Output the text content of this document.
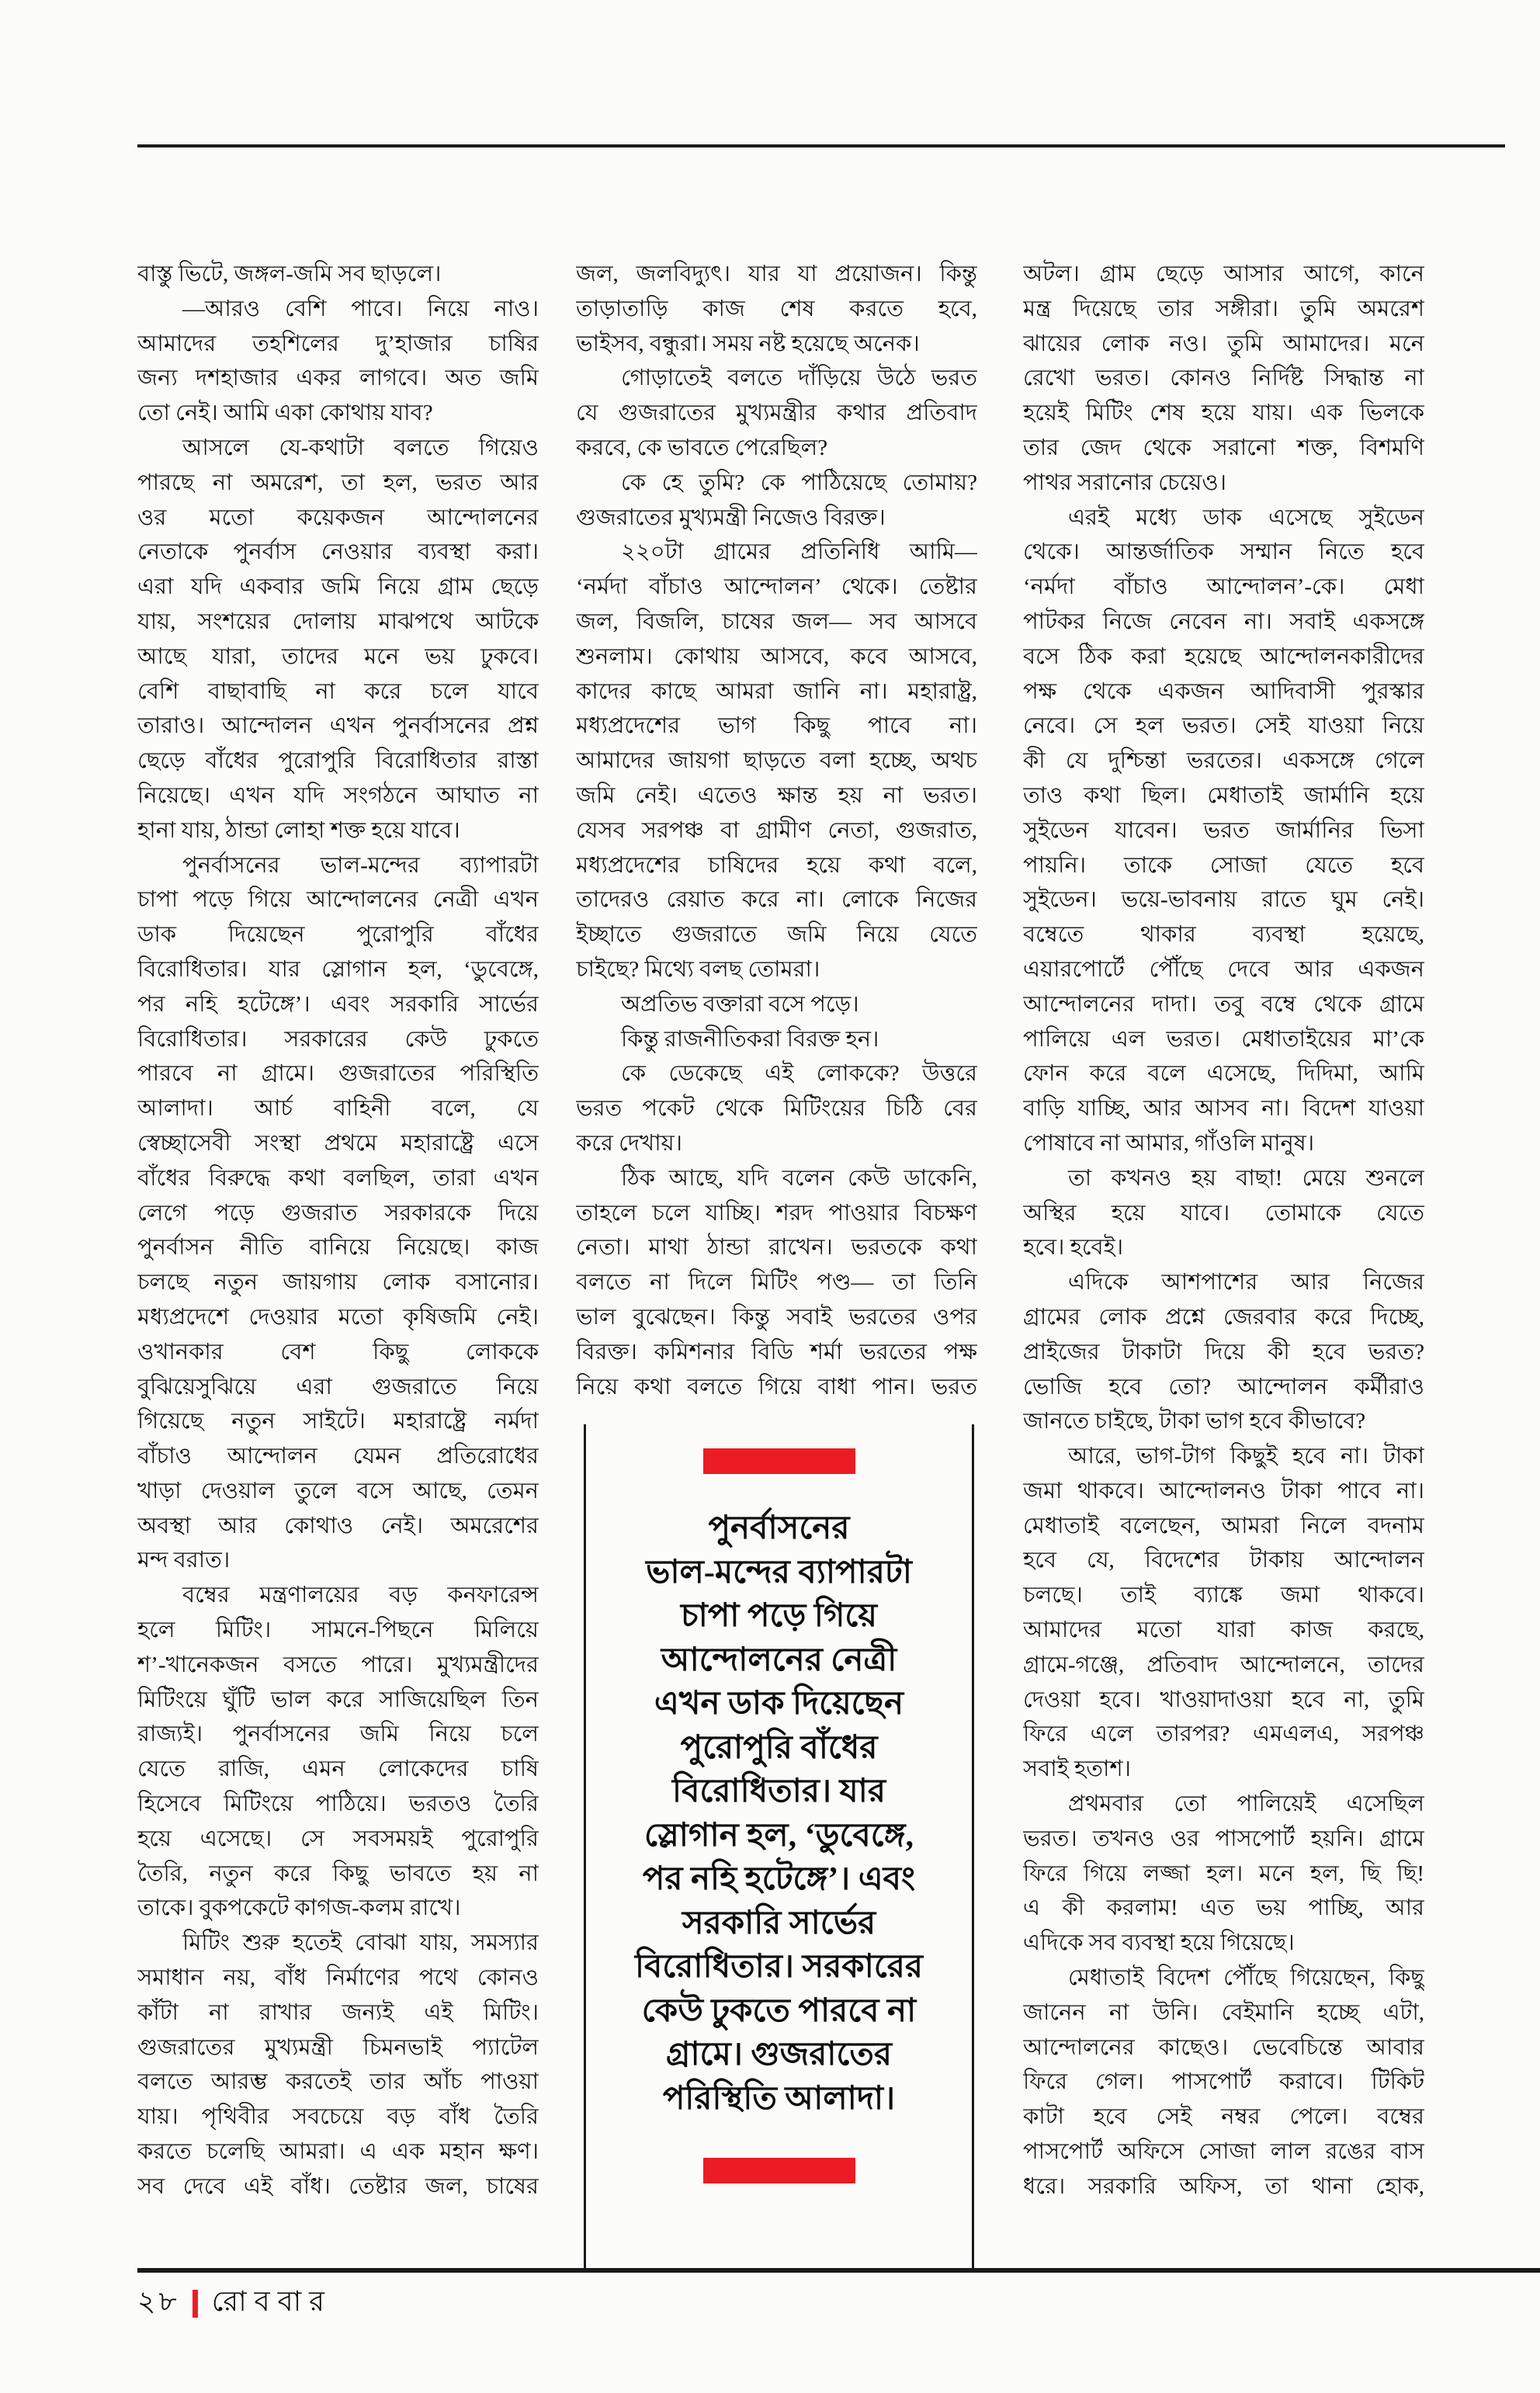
বাস্তু ভিটে, জঙ্গল-জমি সব ছাড়লে।
—আরও বেশি পাবে। নিয়ে নাও।
আমাদের তহশিলের দু’হাজার চাষির
জন্য দশহাজার একর লাগবে। অত জমি
তো নেই। আমি একা কোথায় যাব?
আসলে যে-কথাটা বলতে গিয়েও
পারছে না অমরেশ, তা হল, ভরত আর
ওর মতো কয়েকজন আন্দোলনের
নেতাকে পুনর্বাস নেওয়ার ব্যবস্থা করা।
এরা যদি একবার জমি নিয়ে গ্রাম ছেড়ে
যায়, সংশয়ের দোলায় মাঝপথে আটকে
আছে যারা, তাদের মনে ভয় ঢুকবে।
বেশি বাছাবাছি না করে চলে যাবে
তারাও। আন্দোলন এখন পুনর্বাসনের প্রশ্ন
ছেড়ে বাঁধের পুরোপুরি বিরোধিতার রাস্তা
নিয়েছে। এখন যদি সংগঠনে আঘাত না
হানা যায়, ঠান্ডা লোহা শক্ত হয়ে যাবে।
পুনর্বাসনের ভাল-মন্দের ব্যাপারটা
চাপা পড়ে গিয়ে আন্দোলনের নেত্রী এখন
ডাক দিয়েছেন পুরোপুরি বাঁধের
বিরোধিতার। যার স্লোগান হল, ‘ডুবেঙ্গে,
পর নহি হটেঙ্গে’। এবং সরকারি সার্ভের
বিরোধিতার। সরকারের কেউ ঢুকতে
পারবে না গ্রামে। গুজরাতের পরিস্থিতি
আলাদা। আর্চ বাহিনী বলে, যে
স্বেচ্ছাসেবী সংস্থা প্রথমে মহারাষ্ট্রে এসে
বাঁধের বিরুদ্ধে কথা বলছিল, তারা এখন
লেগে পড়ে গুজরাত সরকারকে দিয়ে
পুনর্বাসন নীতি বানিয়ে নিয়েছে। কাজ
চলছে নতুন জায়গায় লোক বসানোর।
মধ্যপ্রদেশে দেওয়ার মতো কৃষিজমি নেই।
ওখানকার বেশ কিছু লোককে
বুঝিয়েসুঝিয়ে এরা গুজরাতে নিয়ে
গিয়েছে নতুন সাইটে। মহারাষ্ট্রে নর্মদা
বাঁচাও আন্দোলন যেমন প্রতিরোধের
খাড়া দেওয়াল তুলে বসে আছে, তেমন
অবস্থা আর কোথাও নেই। অমরেশের
মন্দ বরাত।
বম্বের মন্ত্রণালয়ের বড় কনফারেন্স
হলে মিটিং। সামনে-পিছনে মিলিয়ে
শ’-খানেকজন বসতে পারে। মুখ্যমন্ত্রীদের
মিটিংয়ে ঘুঁটি ভাল করে সাজিয়েছিল তিন
রাজ্যই। পুনর্বাসনের জমি নিয়ে চলে
যেতে রাজি, এমন লোকেদের চাষি
হিসেবে মিটিংয়ে পাঠিয়ে। ভরতও তৈরি
হয়ে এসেছে। সে সবসময়ই পুরোপুরি
তৈরি, নতুন করে কিছু ভাবতে হয় না
তাকে। বুকপকেটে কাগজ-কলম রাখে।
মিটিং শুরু হতেই বোঝা যায়, সমস্যার
সমাধান নয়, বাঁধ নির্মাণের পথে কোনও
কাঁটা না রাখার জন্যই এই মিটিং।
গুজরাতের মুখ্যমন্ত্রী চিমনভাই প্যাটেল
বলতে আরম্ভ করতেই তার আঁচ পাওয়া
যায়। পৃথিবীর সবচেয়ে বড় বাঁধ তৈরি
করতে চলেছি আমরা। এ এক মহান ক্ষণ।
সব দেবে এই বাঁধ। তেষ্টার জল, চাষের
জল, জলবিদ্যুৎ। যার যা প্রয়োজন। কিন্তু
তাড়াতাড়ি কাজ শেষ করতে হবে,
ভাইসব, বন্ধুরা। সময় নষ্ট হয়েছে অনেক।
গোড়াতেই বলতে দাঁড়িয়ে উঠে ভরত
যে গুজরাতের মুখ্যমন্ত্রীর কথার প্রতিবাদ
করবে, কে ভাবতে পেরেছিল?
কে হে তুমি? কে পাঠিয়েছে তোমায়?
গুজরাতের মুখ্যমন্ত্রী নিজেও বিরক্ত।
২২০টা গ্রামের প্রতিনিধি আমি—
‘নর্মদা বাঁচাও আন্দোলন’ থেকে। তেষ্টার
জল, বিজলি, চাষের জল— সব আসবে
শুনলাম। কোথায় আসবে, কবে আসবে,
কাদের কাছে আমরা জানি না। মহারাষ্ট্র,
মধ্যপ্রদেশের ভাগ কিছু পাবে না।
আমাদের জায়গা ছাড়তে বলা হচ্ছে, অথচ
জমি নেই। এতেও ক্ষান্ত হয় না ভরত।
যেসব সরপঞ্চ বা গ্রামীণ নেতা, গুজরাত,
মধ্যপ্রদেশের চাষিদের হয়ে কথা বলে,
তাদেরও রেয়াত করে না। লোকে নিজের
ইচ্ছাতে গুজরাতে জমি নিয়ে যেতে
চাইছে? মিথ্যে বলছ তোমরা।
অপ্রতিভ বক্তারা বসে পড়ে।
কিন্তু রাজনীতিকরা বিরক্ত হন।
কে ডেকেছে এই লোককে? উত্তরে
ভরত পকেট থেকে মিটিংয়ের চিঠি বের
করে দেখায়।
ঠিক আছে, যদি বলেন কেউ ডাকেনি,
তাহলে চলে যাচ্ছি। শরদ পাওয়ার বিচক্ষণ
নেতা। মাথা ঠান্ডা রাখেন। ভরতকে কথা
বলতে না দিলে মিটিং পণ্ড— তা তিনি
ভাল বুঝেছেন। কিন্তু সবাই ভরতের ওপর
বিরক্ত। কমিশনার বিডি শর্মা ভরতের পক্ষ
নিয়ে কথা বলতে গিয়ে বাধা পান। ভরত
অটল। গ্রাম ছেড়ে আসার আগে, কানে
মন্ত্র দিয়েছে তার সঙ্গীরা। তুমি অমরেশ
ঝায়ের লোক নও। তুমি আমাদের। মনে
রেখো ভরত। কোনও নির্দিষ্ট সিদ্ধান্ত না
হয়েই মিটিং শেষ হয়ে যায়। এক ভিলকে
তার জেদ থেকে সরানো শক্ত, বিশমণি
পাথর সরানোর চেয়েও।
এরই মধ্যে ডাক এসেছে সুইডেন
থেকে। আন্তর্জাতিক সম্মান নিতে হবে
‘নর্মদা বাঁচাও আন্দোলন’-কে। মেধা
পাটকর নিজে নেবেন না। সবাই একসঙ্গে
বসে ঠিক করা হয়েছে আন্দোলনকারীদের
পক্ষ থেকে একজন আদিবাসী পুরস্কার
নেবে। সে হল ভরত। সেই যাওয়া নিয়ে
কী যে দুশ্চিন্তা ভরতের। একসঙ্গে গেলে
তাও কথা ছিল। মেধাতাই জার্মানি হয়ে
সুইডেন যাবেন। ভরত জার্মানির ভিসা
পায়নি। তাকে সোজা যেতে হবে
সুইডেন। ভয়ে-ভাবনায় রাতে ঘুম নেই।
বম্বেতে থাকার ব্যবস্থা হয়েছে,
এয়ারপোর্টে পৌঁছে দেবে আর একজন
আন্দোলনের দাদা। তবু বম্বে থেকে গ্রামে
পালিয়ে এল ভরত। মেধাতাইয়ের মা’কে
ফোন করে বলে এসেছে, দিদিমা, আমি
বাড়ি যাচ্ছি, আর আসব না। বিদেশ যাওয়া
পোষাবে না আমার, গাঁওলি মানুষ।
তা কখনও হয় বাছা! মেয়ে শুনলে
অস্থির হয়ে যাবে। তোমাকে যেতে
হবে। হবেই।
এদিকে আশপাশের আর নিজের
গ্রামের লোক প্রশ্নে জেরবার করে দিচ্ছে,
প্রাইজের টাকাটা দিয়ে কী হবে ভরত?
ভোজি হবে তো? আন্দোলন কর্মীরাও
জানতে চাইছে, টাকা ভাগ হবে কীভাবে?
আরে, ভাগ-টাগ কিছুই হবে না। টাকা
জমা থাকবে। আন্দোলনও টাকা পাবে না।
মেধাতাই বলেছেন, আমরা নিলে বদনাম
হবে যে, বিদেশের টাকায় আন্দোলন
চলছে। তাই ব্যাঙ্কে জমা থাকবে।
আমাদের মতো যারা কাজ করছে,
গ্রামে-গঞ্জে, প্রতিবাদ আন্দোলনে, তাদের
দেওয়া হবে। খাওয়াদাওয়া হবে না, তুমি
ফিরে এলে তারপর? এমএলএ, সরপঞ্চ
সবাই হতাশ।
প্রথমবার তো পালিয়েই এসেছিল
ভরত। তখনও ওর পাসপোর্ট হয়নি। গ্রামে
ফিরে গিয়ে লজ্জা হল। মনে হল, ছি ছি!
এ কী করলাম! এত ভয় পাচ্ছি, আর
এদিকে সব ব্যবস্থা হয়ে গিয়েছে।
মেধাতাই বিদেশ পৌঁছে গিয়েছেন, কিছু
জানেন না উনি। বেইমানি হচ্ছে এটা,
আন্দোলনের কাছেও। ভেবেচিন্তে আবার
ফিরে গেল। পাসপোর্ট করাবে। টিকিট
কাটা হবে সেই নম্বর পেলে। বম্বের
পাসপোর্ট অফিসে সোজা লাল রঙের বাস
ধরে। সরকারি অফিস, তা থানা হোক,
পুনর্বাসনের
ভাল-মন্দের ব্যাপারটা
চাপা পড়ে গিয়ে
আন্দোলনের নেত্রী
এখন ডাক দিয়েছেন
পুরোপুরি বাঁধের
বিরোধিতার। যার
স্লোগান হল, ‘ডুবেঙ্গে,
পর নহি হটেঙ্গে’। এবং
সরকারি সার্ভের
বিরোধিতার। সরকারের
কেউ ঢুকতে পারবে না
গ্রামে। গুজরাতের
পরিস্থিতি আলাদা।
২৮ রোববার
